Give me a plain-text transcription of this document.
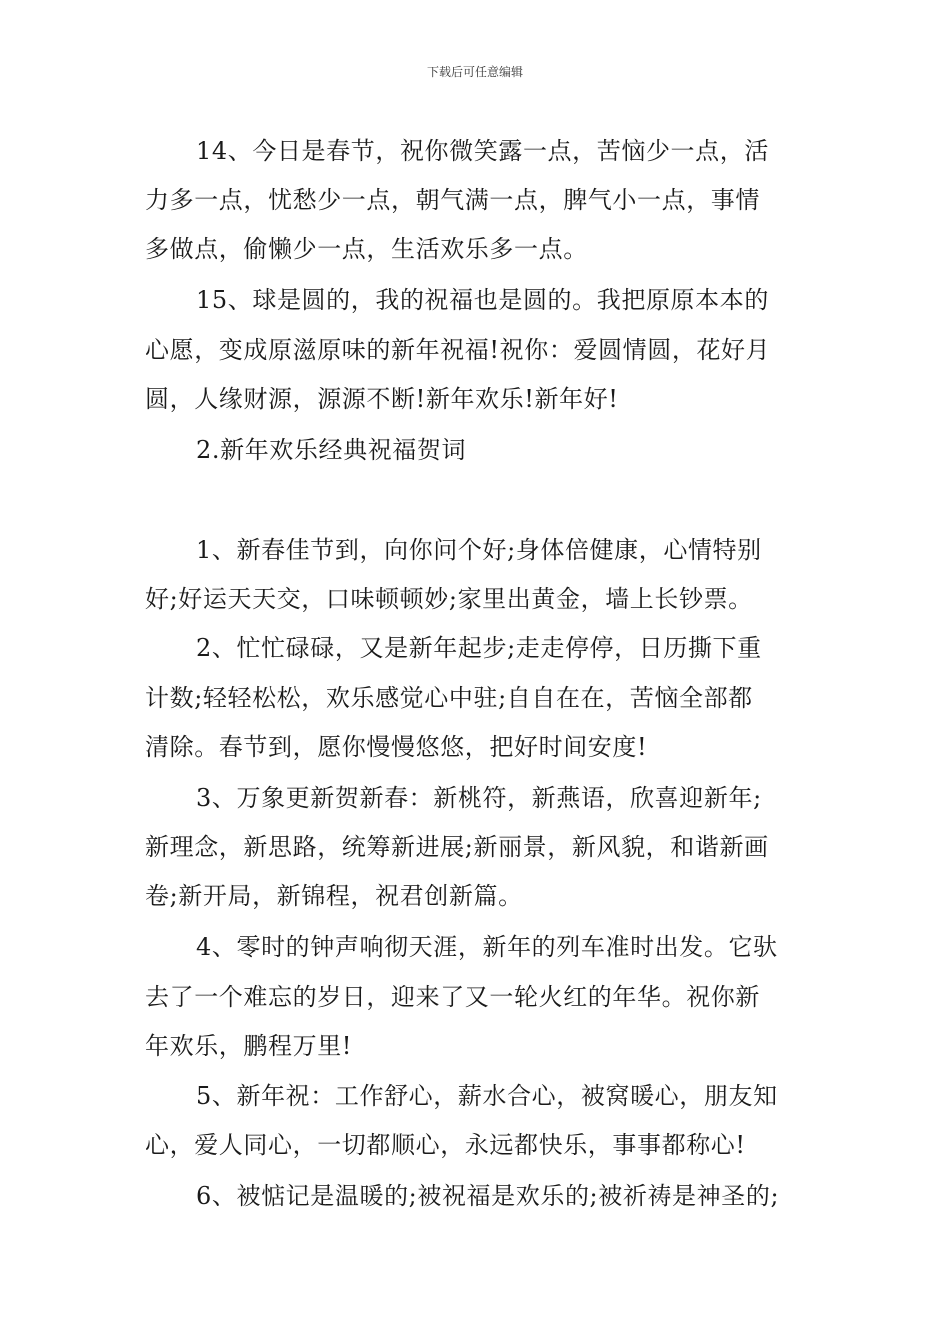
下载后可任意编辑
14、今日是春节，祝你微笑露一点，苦恼少一点，活
力多一点，忧愁少一点，朝气满一点，脾气小一点，事情
多做点，偷懒少一点，生活欢乐多一点。
15、球是圆的，我的祝福也是圆的。我把原原本本的
心愿，变成原滋原味的新年祝福!祝你：爱圆情圆，花好月
圆，人缘财源，源源不断!新年欢乐!新年好!
2.新年欢乐经典祝福贺词
1、新春佳节到，向你问个好;身体倍健康，心情特别
好;好运天天交，口味顿顿妙;家里出黄金，墙上长钞票。
2、忙忙碌碌，又是新年起步;走走停停，日历撕下重
计数;轻轻松松，欢乐感觉心中驻;自自在在，苦恼全部都
清除。春节到，愿你慢慢悠悠，把好时间安度!
3、万象更新贺新春：新桃符，新燕语，欣喜迎新年;
新理念，新思路，统筹新进展;新丽景，新风貌，和谐新画
卷;新开局，新锦程，祝君创新篇。
4、零时的钟声响彻天涯，新年的列车准时出发。它驮
去了一个难忘的岁日，迎来了又一轮火红的年华。祝你新
年欢乐，鹏程万里!
5、新年祝：工作舒心，薪水合心，被窝暖心，朋友知
心，爱人同心，一切都顺心，永远都快乐，事事都称心!
6、被惦记是温暖的;被祝福是欢乐的;被祈祷是神圣的;
